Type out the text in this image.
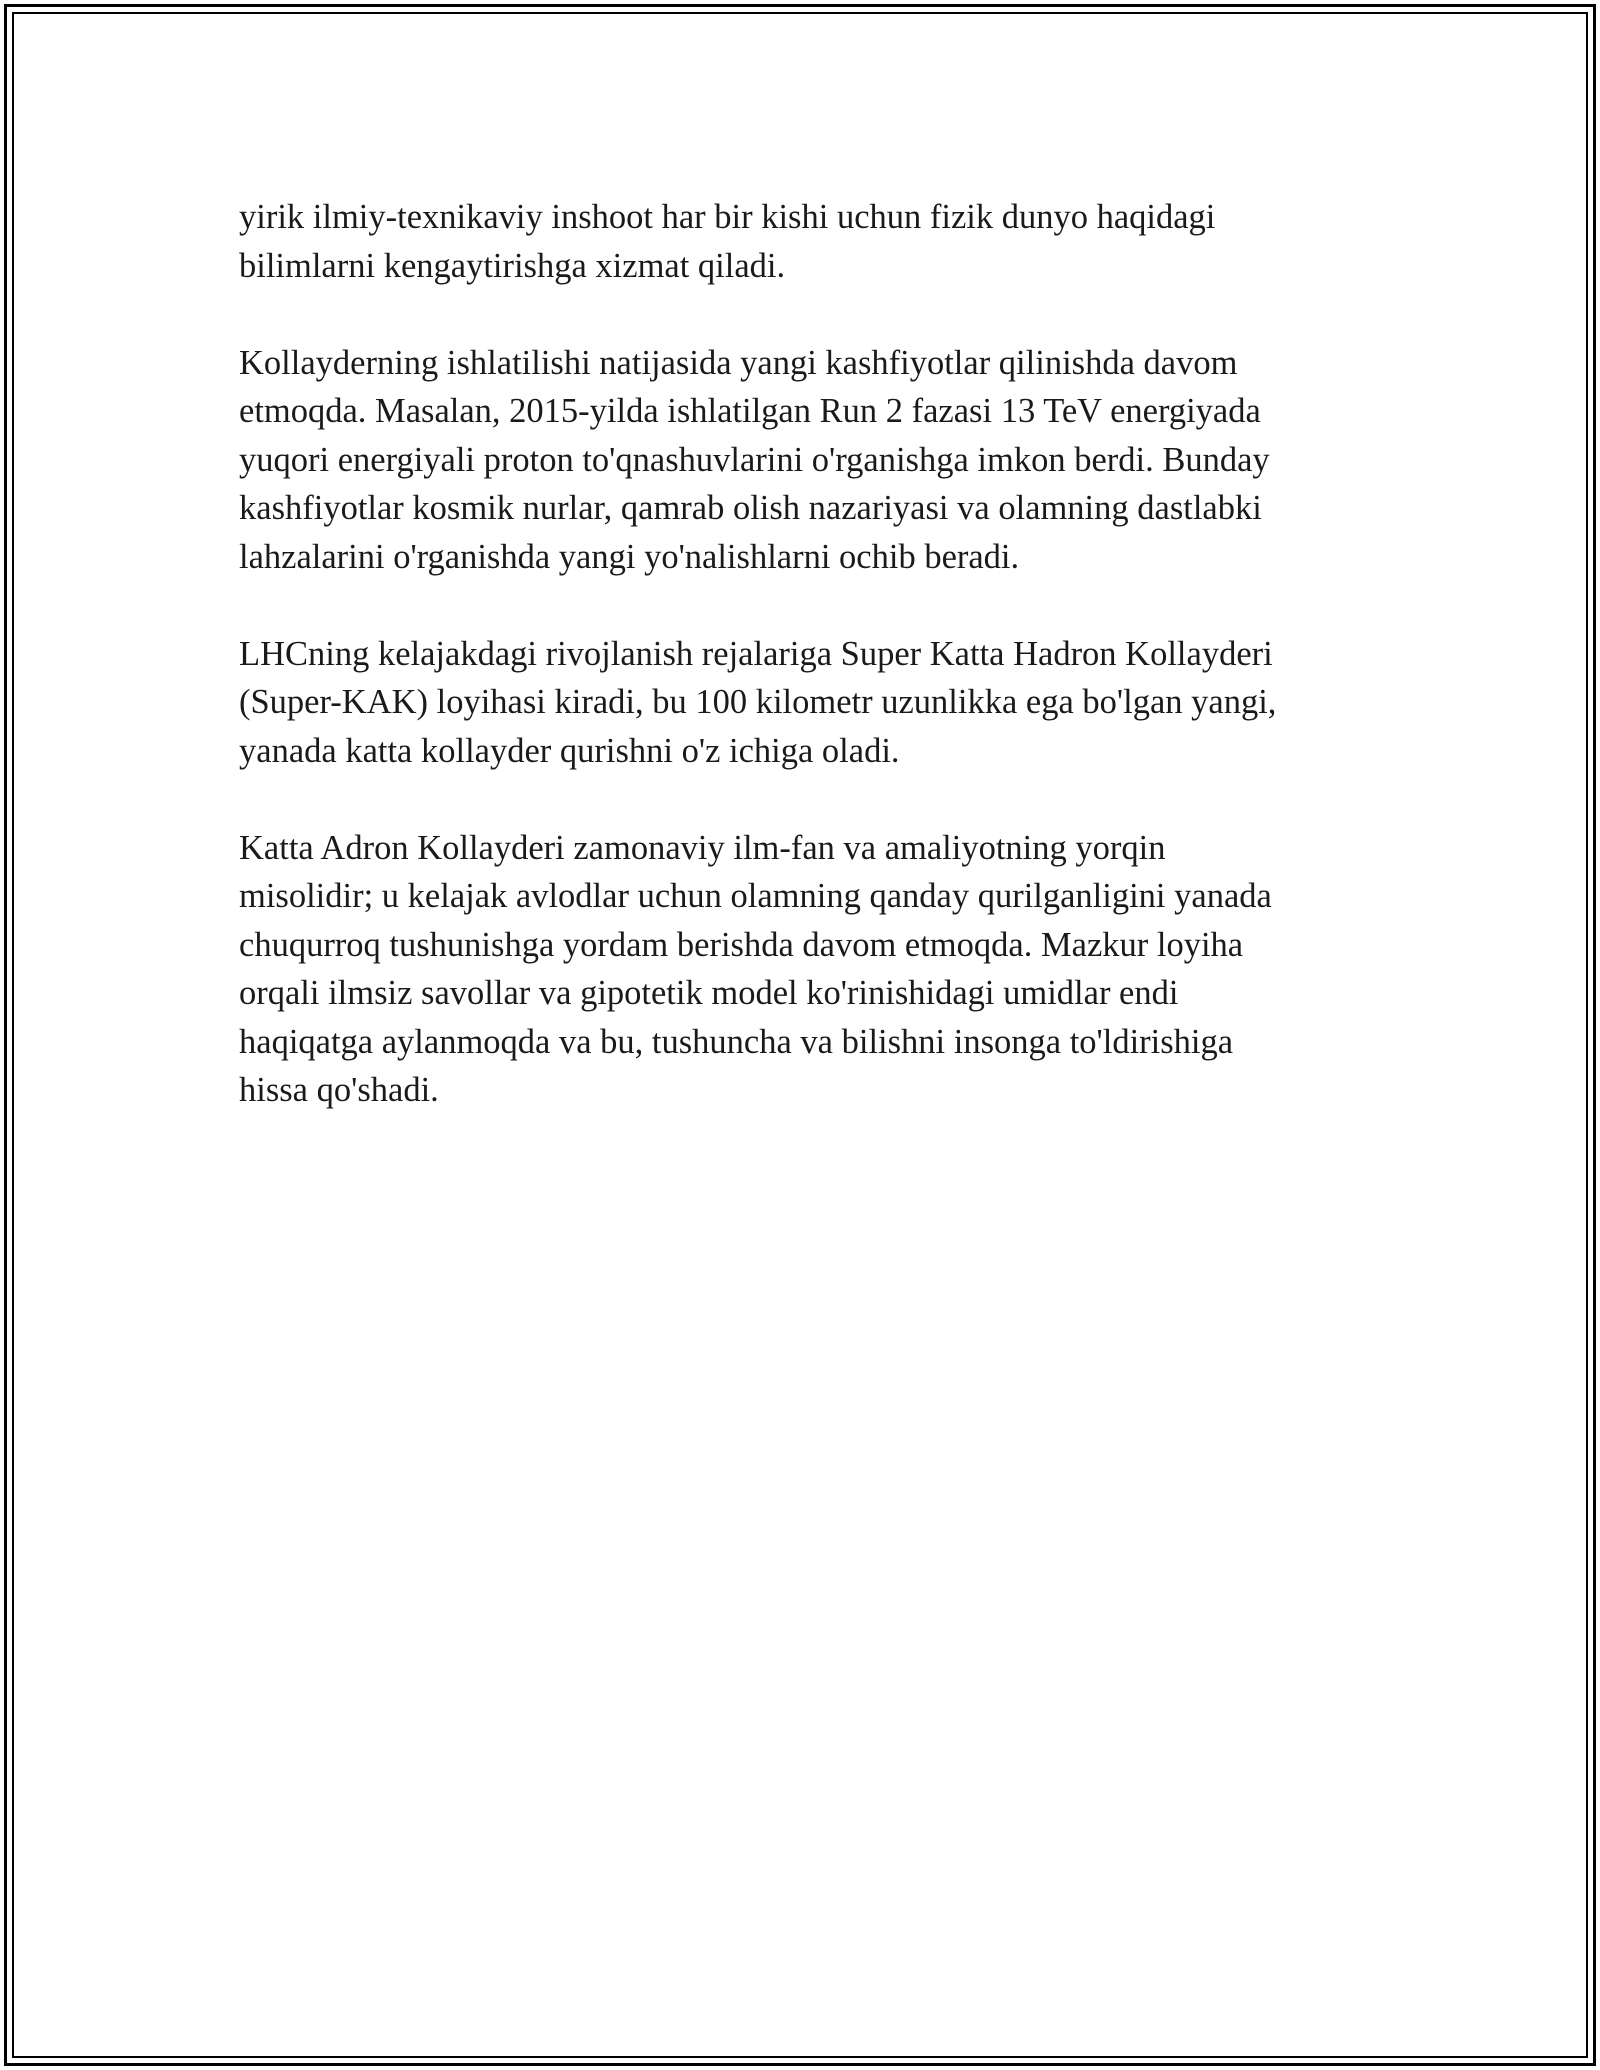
yirik ilmiy-texnikaviy inshoot har bir kishi uchun fizik dunyo haqidagi
bilimlarni kengaytirishga xizmat qiladi.

Kollayderning ishlatilishi natijasida yangi kashfiyotlar qilinishda davom
etmoqda. Masalan, 2015-yilda ishlatilgan Run 2 fazasi 13 TeV energiyada
yuqori energiyali proton to'qnashuvlarini o'rganishga imkon berdi. Bunday
kashfiyotlar kosmik nurlar, qamrab olish nazariyasi va olamning dastlabki
lahzalarini o'rganishda yangi yo'nalishlarni ochib beradi.

LHCning kelajakdagi rivojlanish rejalariga Super Katta Hadron Kollayderi
(Super-KAK) loyihasi kiradi, bu 100 kilometr uzunlikka ega bo'lgan yangi,
yanada katta kollayder qurishni o'z ichiga oladi.

Katta Adron Kollayderi zamonaviy ilm-fan va amaliyotning yorqin
misolidir; u kelajak avlodlar uchun olamning qanday qurilganligini yanada
chuqurroq tushunishga yordam berishda davom etmoqda. Mazkur loyiha
orqali ilmsiz savollar va gipotetik model ko'rinishidagi umidlar endi
haqiqatga aylanmoqda va bu, tushuncha va bilishni insonga to'ldirishiga
hissa qo'shadi.
